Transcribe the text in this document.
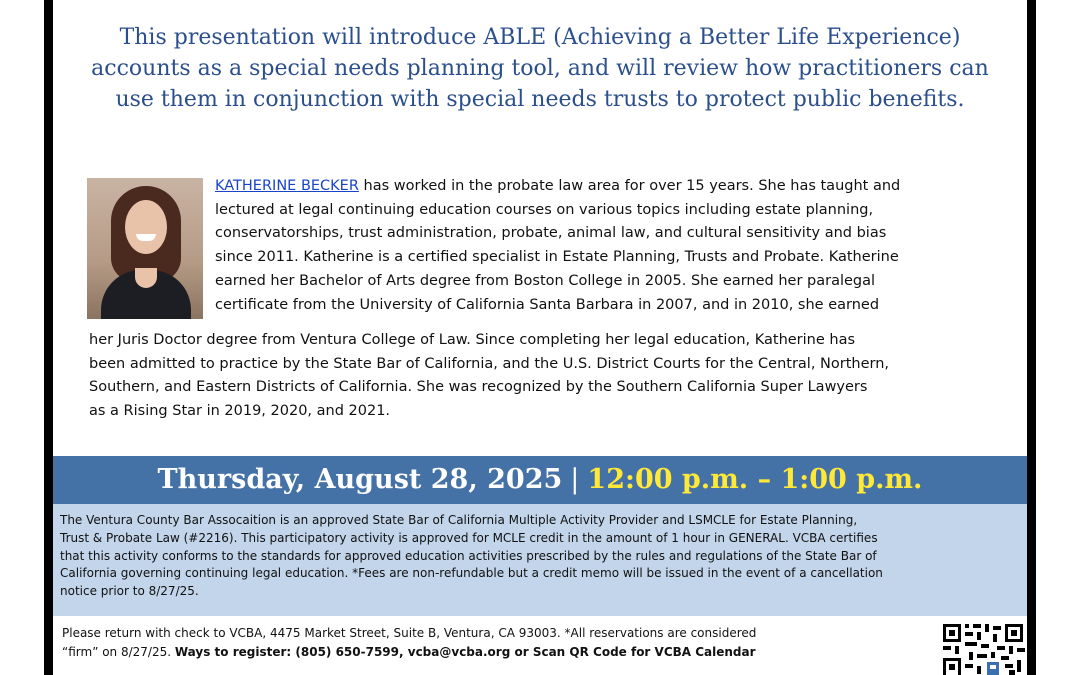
This presentation will introduce ABLE (Achieving a Better Life Experience)
accounts as a special needs planning tool, and will review how practitioners can
use them in conjunction with special needs trusts to protect public benefits.
KATHERINE BECKER has worked in the probate law area for over 15 years. She has taught and
lectured at legal continuing education courses on various topics including estate planning,
conservatorships, trust administration, probate, animal law, and cultural sensitivity and bias
since 2011. Katherine is a certified specialist in Estate Planning, Trusts and Probate. Katherine
earned her Bachelor of Arts degree from Boston College in 2005. She earned her paralegal
certificate from the University of California Santa Barbara in 2007, and in 2010, she earned
her Juris Doctor degree from Ventura College of Law. Since completing her legal education, Katherine has
been admitted to practice by the State Bar of California, and the U.S. District Courts for the Central, Northern,
Southern, and Eastern Districts of California. She was recognized by the Southern California Super Lawyers
as a Rising Star in 2019, 2020, and 2021.
Thursday, August 28, 2025 | 12:00 p.m. – 1:00 p.m.
The Ventura County Bar Assocaition is an approved State Bar of California Multiple Activity Provider and LSMCLE for Estate Planning,
Trust & Probate Law (#2216). This participatory activity is approved for MCLE credit in the amount of 1 hour in GENERAL. VCBA certifies
that this activity conforms to the standards for approved education activities prescribed by the rules and regulations of the State Bar of
California governing continuing legal education. *Fees are non-refundable but a credit memo will be issued in the event of a cancellation
notice prior to 8/27/25.
Please return with check to VCBA, 4475 Market Street, Suite B, Ventura, CA 93003. *All reservations are considered
“firm” on 8/27/25. Ways to register: (805) 650-7599, vcba@vcba.org or Scan QR Code for VCBA Calendar
